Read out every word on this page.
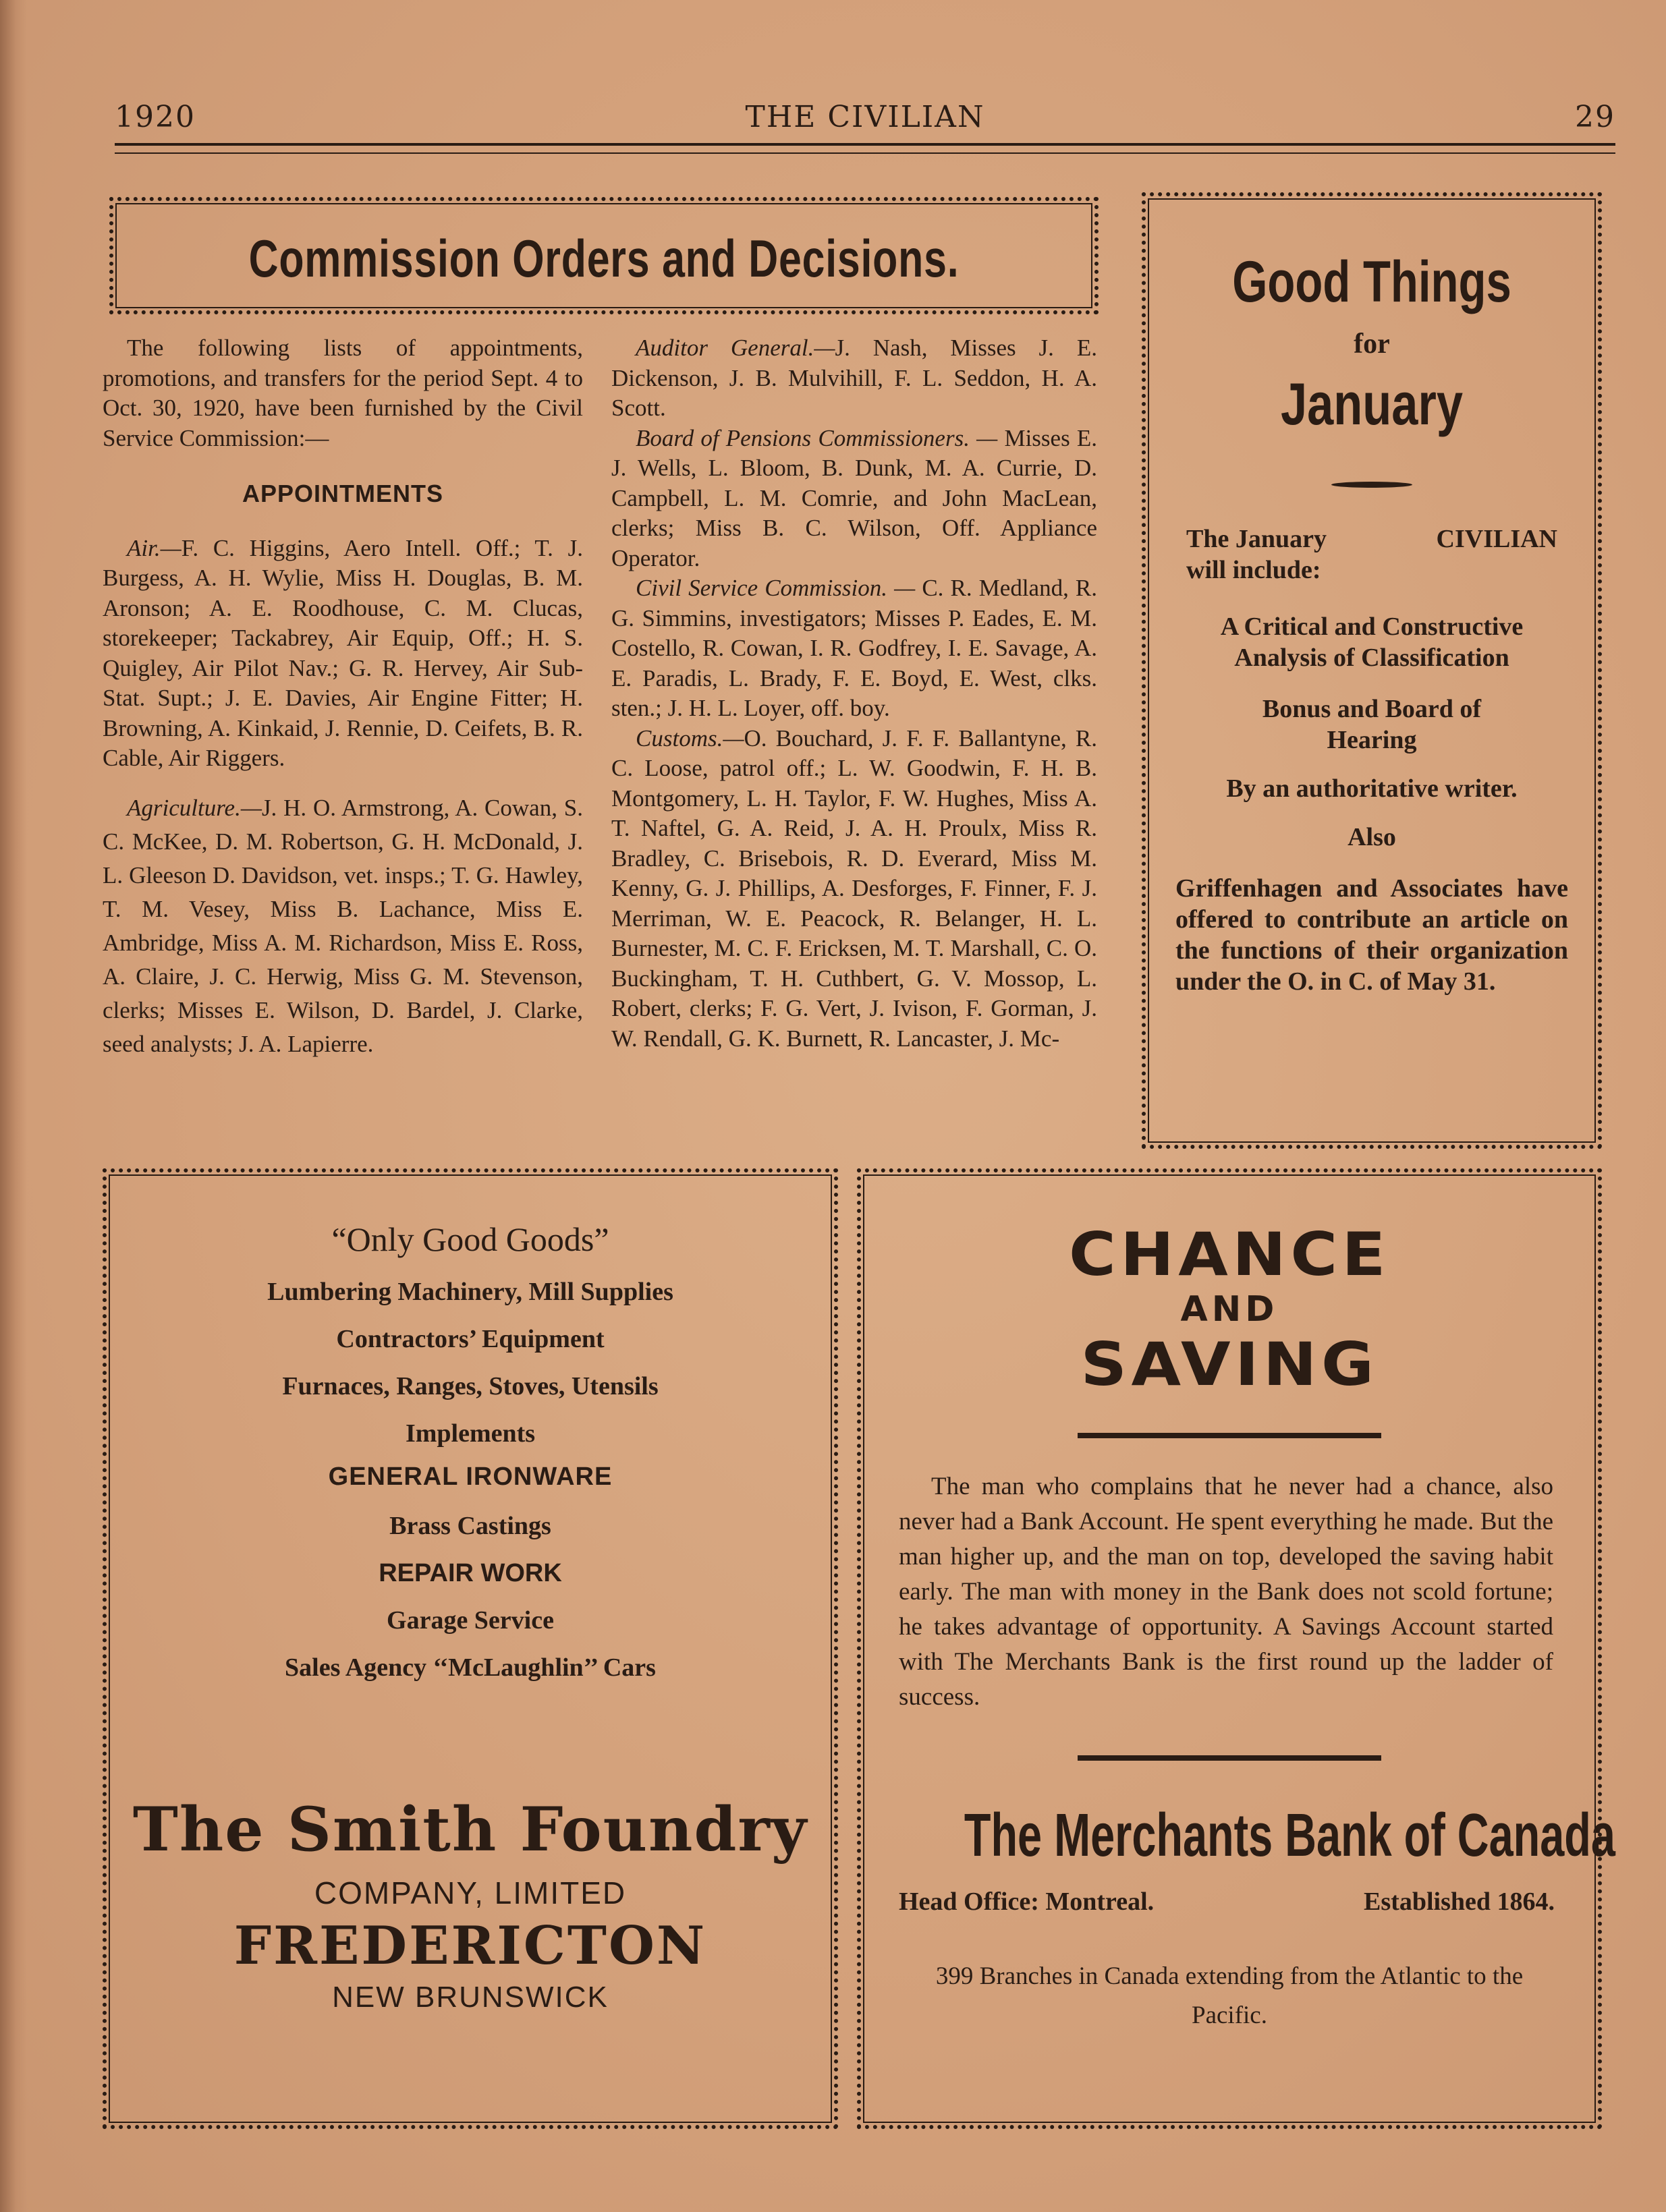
1920	THE CIVILIAN	29
Commission Orders and Decisions.

The following lists of appointments, promotions, and transfers for the period Sept. 4 to Oct. 30, 1920, have been furnished by the Civil Service Commission:—

APPOINTMENTS

Air.—F. C. Higgins, Aero Intell. Off.; T. J. Burgess, A. H. Wylie, Miss H. Douglas, B. M. Aronson; A. E. Roodhouse, C. M. Clucas, storekeeper; Tackabrey, Air Equip, Off.; H. S. Quigley, Air Pilot Nav.; G. R. Hervey, Air Sub-Stat. Supt.; J. E. Davies, Air Engine Fitter; H. Browning, A. Kinkaid, J. Rennie, D. Ceifets, B. R. Cable, Air Riggers.

Agriculture.—J. H. O. Armstrong, A. Cowan, S. C. McKee, D. M. Robertson, G. H. McDonald, J. L. Gleeson D. Davidson, vet. insps.; T. G. Hawley, T. M. Vesey, Miss B. Lachance, Miss E. Ambridge, Miss A. M. Richardson, Miss E. Ross, A. Claire, J. C. Herwig, Miss G. M. Stevenson, clerks; Misses E. Wilson, D. Bardel, J. Clarke, seed analysts; J. A. Lapierre.

Auditor General.—J. Nash, Misses J. E. Dickenson, J. B. Mulvihill, F. L. Seddon, H. A. Scott.

Board of Pensions Commissioners. — Misses E. J. Wells, L. Bloom, B. Dunk, M. A. Currie, D. Campbell, L. M. Comrie, and John MacLean, clerks; Miss B. C. Wilson, Off. Appliance Operator.

Civil Service Commission. — C. R. Medland, R. G. Simmins, investigators; Misses P. Eades, E. M. Costello, R. Cowan, I. R. Godfrey, I. E. Savage, A. E. Paradis, L. Brady, F. E. Boyd, E. West, clks. sten.; J. H. L. Loyer, off. boy.

Customs.—O. Bouchard, J. F. F. Ballantyne, R. C. Loose, patrol off.; L. W. Goodwin, F. H. B. Montgomery, L. H. Taylor, F. W. Hughes, Miss A. T. Naftel, G. A. Reid, J. A. H. Proulx, Miss R. Bradley, C. Brisebois, R. D. Everard, Miss M. Kenny, G. J. Phillips, A. Desforges, F. Finner, F. J. Merriman, W. E. Peacock, R. Belanger, H. L. Burnester, M. C. F. Ericksen, M. T. Marshall, C. O. Buckingham, T. H. Cuthbert, G. V. Mossop, L. Robert, clerks; F. G. Vert, J. Ivison, F. Gorman, J. W. Rendall, G. K. Burnett, R. Lancaster, J. Mc-

Good Things
for
January
The January	CIVILIAN

will include:
A Critical and Constructive Analysis of Classification
Bonus and Board of Hearing
By an authoritative writer.
Also
Griffenhagen and Associates have offered to contribute an article on the functions of their organization under the O. in C. of May 31.
“Only Good Goods”
Lumbering Machinery, Mill Supplies
Contractors’ Equipment
Furnaces, Ranges, Stoves, Utensils
Implements
GENERAL IRONWARE
Brass Castings
REPAIR WORK
Garage Service
Sales Agency ‘‘McLaughlin’’ Cars
The Smith Foundry
COMPANY, LIMITED
FREDERICTON
NEW BRUNSWICK
CHANCE
AND
SAVING
The man who complains that he never had a chance, also never had a Bank Account. He spent everything he made. But the man higher up, and the man on top, developed the saving habit early. The man with money in the Bank does not scold fortune; he takes advantage of opportunity. A Savings Account started with The Merchants Bank is the first round up the ladder of success.
The Merchants Bank of Canada
Head Office: Montreal.	Established 1864.
399 Branches in Canada extending from the Atlantic to the Pacific.
